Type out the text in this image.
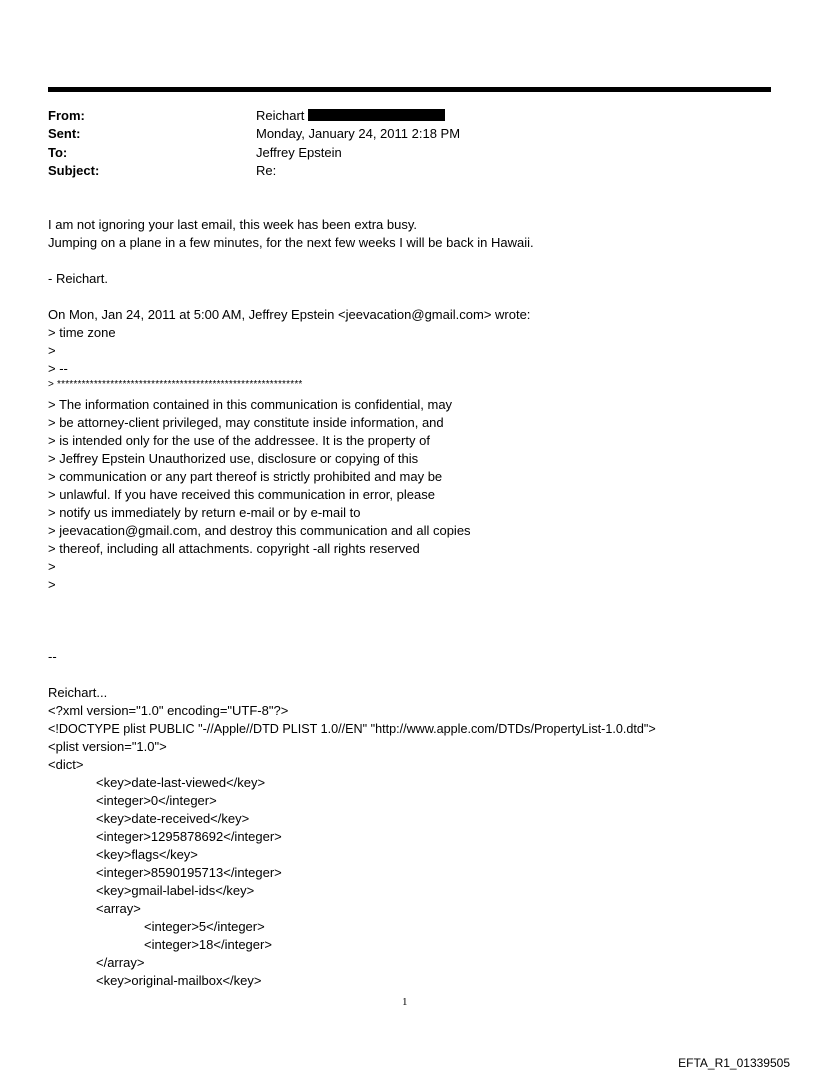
From:	Reichart
Sent:	Monday, January 24, 2011 2:18 PM
To:	Jeffrey Epstein
Subject:	Re:
I am not ignoring your last email, this week has been extra busy.
Jumping on a plane in a few minutes, for the next few weeks I will be back in Hawaii.
- Reichart.
On Mon, Jan 24, 2011 at 5:00 AM, Jeffrey Epstein <jeevacation@gmail.com> wrote:
> time zone
>
> --
> ************************************************************
> The information contained in this communication is confidential, may
> be attorney-client privileged, may constitute inside information, and
> is intended only for the use of the addressee. It is the property of
> Jeffrey Epstein Unauthorized use, disclosure or copying of this
> communication or any part thereof is strictly prohibited and may be
> unlawful. If you have received this communication in error, please
> notify us immediately by return e-mail or by e-mail to
> jeevacation@gmail.com, and destroy this communication and all copies
> thereof, including all attachments. copyright -all rights reserved
>
>
--
Reichart...
<?xml version="1.0" encoding="UTF-8"?>
<!DOCTYPE plist PUBLIC "-//Apple//DTD PLIST 1.0//EN" "http://www.apple.com/DTDs/PropertyList-1.0.dtd">
<plist version="1.0">
<dict>
<key>date-last-viewed</key>
<integer>0</integer>
<key>date-received</key>
<integer>1295878692</integer>
<key>flags</key>
<integer>8590195713</integer>
<key>gmail-label-ids</key>
<array>
<integer>5</integer>
<integer>18</integer>
</array>
<key>original-mailbox</key>
1
EFTA_R1_01339505
